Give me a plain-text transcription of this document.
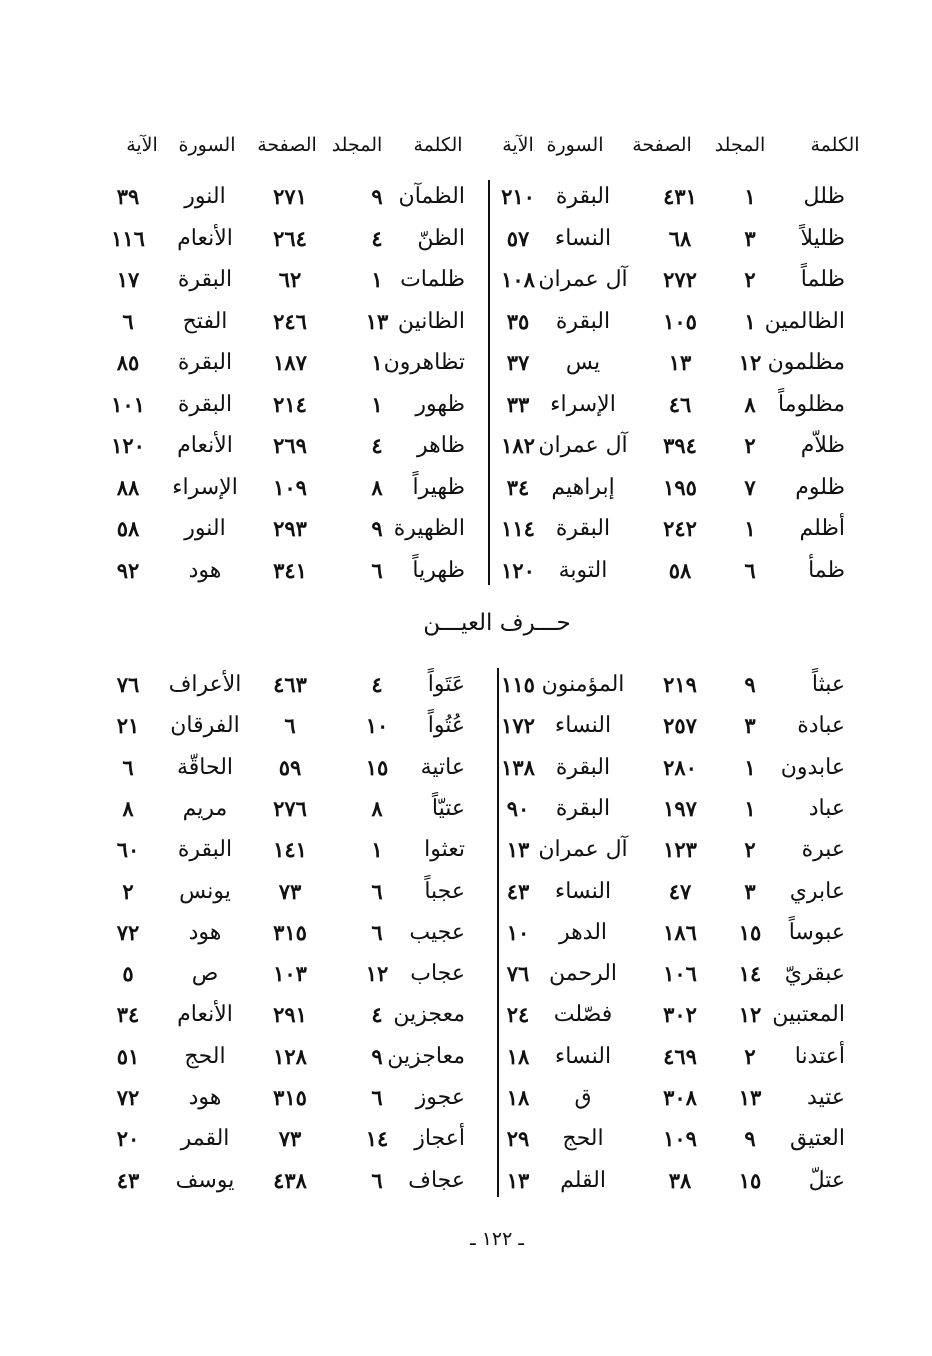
الكلمة
المجلد
الصفحة
السورة
الآية
الكلمة
المجلد
الصفحة
السورة
الآية
ظلل
١
٤٣١
البقرة
٢١٠
ظليلاً
٣
٦٨
النساء
٥٧
ظلماً
٢
٢٧٢
آل عمران
١٠٨
الظالمين
١
١٠٥
البقرة
٣٥
مظلمون
١٢
١٣
يس
٣٧
مظلوماً
٨
٤٦
الإسراء
٣٣
ظلاّم
٢
٣٩٤
آل عمران
١٨٢
ظلوم
٧
١٩٥
إبراهيم
٣٤
أظلم
١
٢٤٢
البقرة
١١٤
ظمأ
٦
٥٨
التوبة
١٢٠
الظمآن
٩
٢٧١
النور
٣٩
الظنّ
٤
٢٦٤
الأنعام
١١٦
ظلمات
١
٦٢
البقرة
١٧
الظانين
١٣
٢٤٦
الفتح
٦
تظاهرون
١
١٨٧
البقرة
٨٥
ظهور
١
٢١٤
البقرة
١٠١
ظاهر
٤
٢٦٩
الأنعام
١٢٠
ظهيراً
٨
١٠٩
الإسراء
٨٨
الظهيرة
٩
٢٩٣
النور
٥٨
ظهرياً
٦
٣٤١
هود
٩٢
عبثاً
٩
٢١٩
المؤمنون
١١٥
عبادة
٣
٢٥٧
النساء
١٧٢
عابدون
١
٢٨٠
البقرة
١٣٨
عباد
١
١٩٧
البقرة
٩٠
عبرة
٢
١٢٣
آل عمران
١٣
عابري
٣
٤٧
النساء
٤٣
عبوساً
١٥
١٨٦
الدهر
١٠
عبقريّ
١٤
١٠٦
الرحمن
٧٦
المعتبين
١٢
٣٠٢
فصّلت
٢٤
أعتدنا
٢
٤٦٩
النساء
١٨
عتيد
١٣
٣٠٨
ق
١٨
العتيق
٩
١٠٩
الحج
٢٩
عتلّ
١٥
٣٨
القلم
١٣
عَتَواً
٤
٤٦٣
الأعراف
٧٦
عُتُواً
١٠
٦
الفرقان
٢١
عاتية
١٥
٥٩
الحاقّة
٦
عتيّاً
٨
٢٧٦
مريم
٨
تعثوا
١
١٤١
البقرة
٦٠
عجباً
٦
٧٣
يونس
٢
عجيب
٦
٣١٥
هود
٧٢
عجاب
١٢
١٠٣
ص
٥
معجزين
٤
٢٩١
الأنعام
٣٤
معاجزين
٩
١٢٨
الحج
٥١
عجوز
٦
٣١٥
هود
٧٢
أعجاز
١٤
٧٣
القمر
٢٠
عجاف
٦
٤٣٨
يوسف
٤٣
حـــرف العيـــن
ـ ١٢٢ ـ
